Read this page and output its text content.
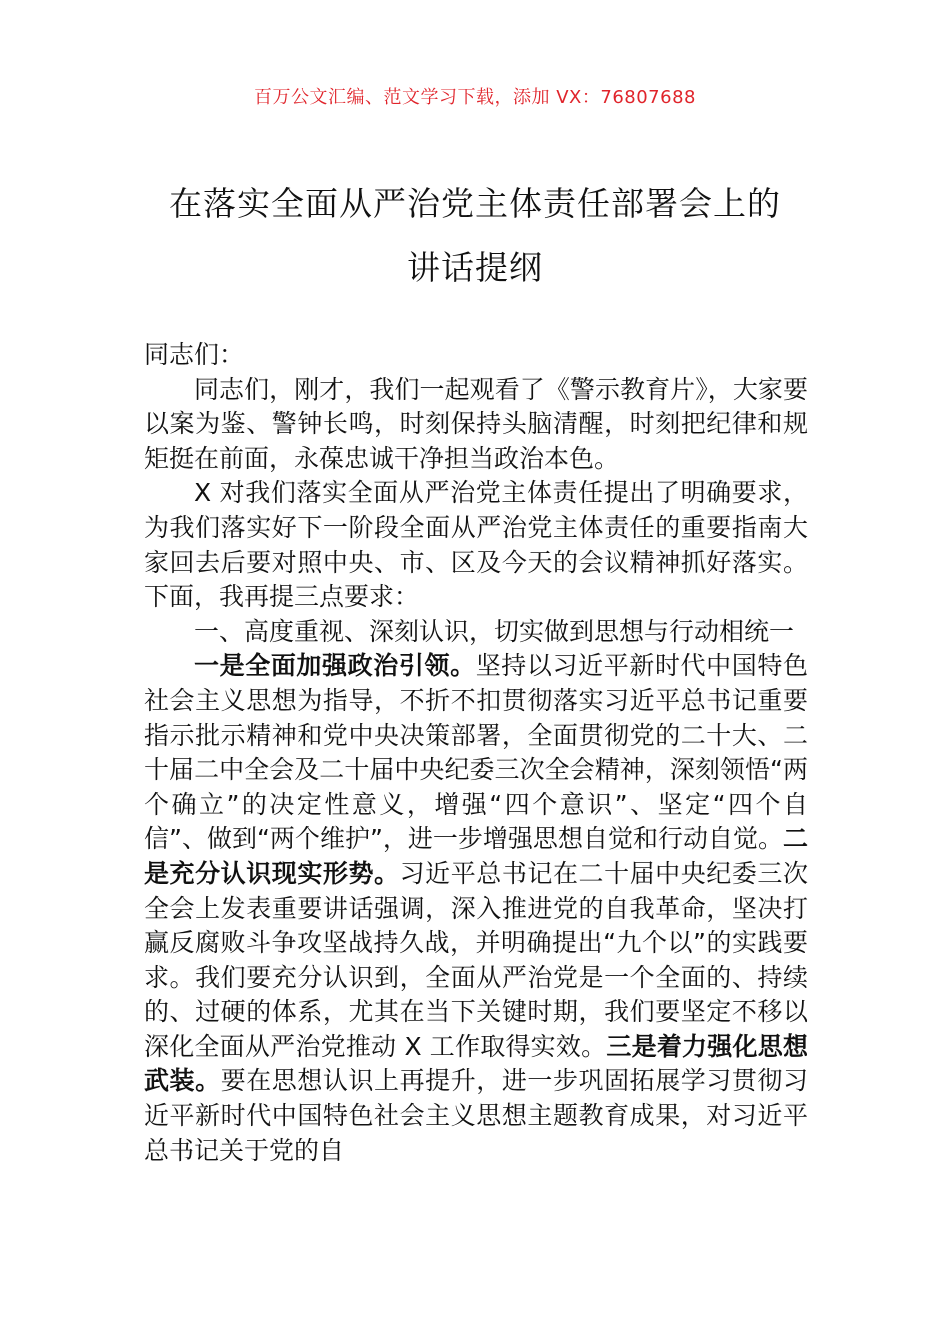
百万公文汇编、范文学习下载，添加 VX：76807688
在落实全面从严治党主体责任部署会上的
讲话提纲

同志们：

同志们，刚才，我们一起观看了《警示教育片》，大家要以案为鉴、警钟长鸣，时刻保持头脑清醒，时刻把纪律和规矩挺在前面，永葆忠诚干净担当政治本色。

X 对我们落实全面从严治党主体责任提出了明确要求，为我们落实好下一阶段全面从严治党主体责任的重要指南大家回去后要对照中央、市、区及今天的会议精神抓好落实。下面，我再提三点要求：

一、高度重视、深刻认识，切实做到思想与行动相统一

一是全面加强政治引领。坚持以习近平新时代中国特色社会主义思想为指导，不折不扣贯彻落实习近平总书记重要指示批示精神和党中央决策部署，全面贯彻党的二十大、二十届二中全会及二十届中央纪委三次全会精神，深刻领悟“两个确立”的决定性意义，增强“四个意识”、坚定“四个自信”、做到“两个维护”，进一步增强思想自觉和行动自觉。二是充分认识现实形势。习近平总书记在二十届中央纪委三次全会上发表重要讲话强调，深入推进党的自我革命，坚决打赢反腐败斗争攻坚战持久战，并明确提出“九个以”的实践要求。我们要充分认识到，全面从严治党是一个全面的、持续的、过硬的体系，尤其在当下关键时期，我们要坚定不移以深化全面从严治党推动 X 工作取得实效。三是着力强化思想武装。要在思想认识上再提升，进一步巩固拓展学习贯彻习近平新时代中国特色社会主义思想主题教育成果，对习近平总书记关于党的自
